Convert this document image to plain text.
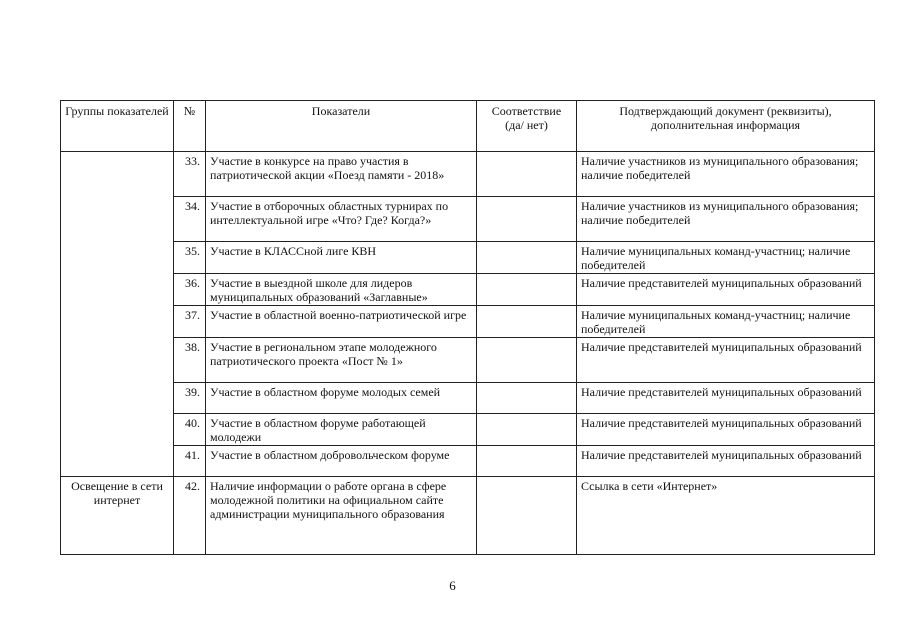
Группы показателей	№	Показатели	Соответствие (да/ нет)	Подтверждающий документ (реквизиты), дополнительная информация
	33.	Участие в конкурсе на право участия в патриотической акции «Поезд памяти - 2018»		Наличие участников из муниципального образования; наличие победителей
	34.	Участие в отборочных областных турнирах по интеллектуальной игре «Что? Где? Когда?»		Наличие участников из муниципального образования; наличие победителей
	35.	Участие в КЛАССной лиге КВН		Наличие муниципальных команд-участниц; наличие победителей
	36.	Участие в выездной школе для лидеров муниципальных образований «Заглавные»		Наличие представителей муниципальных образований
	37.	Участие в областной военно-патриотической игре		Наличие муниципальных команд-участниц; наличие победителей
	38.	Участие в региональном этапе молодежного патриотического проекта «Пост № 1»		Наличие представителей муниципальных образований
	39.	Участие в областном форуме молодых семей		Наличие представителей муниципальных образований
	40.	Участие в областном форуме работающей молодежи		Наличие представителей муниципальных образований
	41.	Участие в областном добровольческом форуме		Наличие представителей муниципальных образований
Освещение в сети интернет	42.	Наличие информации о работе органа в сфере молодежной политики на официальном сайте администрации муниципального образования		Ссылка в сети «Интернет»
6
